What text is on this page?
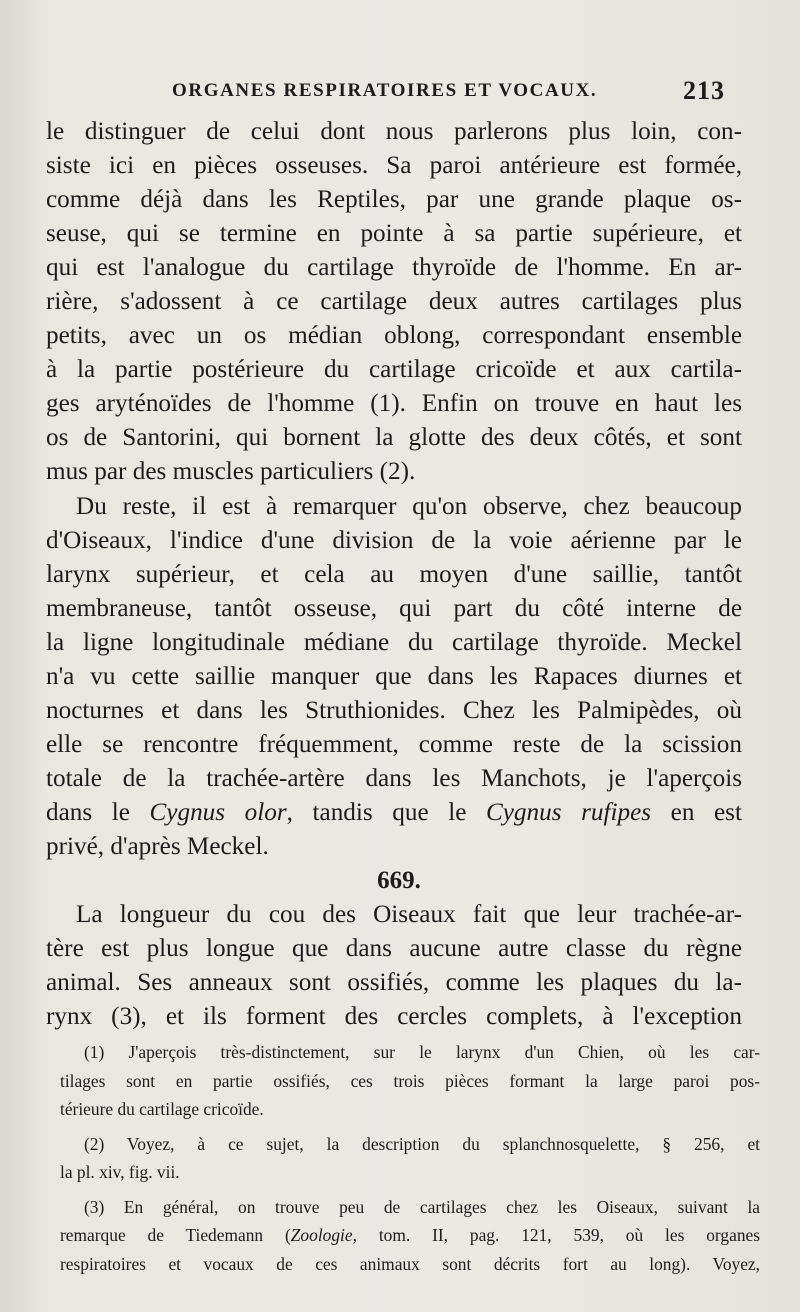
ORGANES RESPIRATOIRES ET VOCAUX.	213
le distinguer de celui dont nous parlerons plus loin, con-
siste ici en pièces osseuses. Sa paroi antérieure est formée,
comme déjà dans les Reptiles, par une grande plaque os-
seuse, qui se termine en pointe à sa partie supérieure, et
qui est l'analogue du cartilage thyroïde de l'homme. En ar-
rière, s'adossent à ce cartilage deux autres cartilages plus
petits, avec un os médian oblong, correspondant ensemble
à la partie postérieure du cartilage cricoïde et aux cartila-
ges aryténoïdes de l'homme (1). Enfin on trouve en haut les
os de Santorini, qui bornent la glotte des deux côtés, et sont
mus par des muscles particuliers (2).
Du reste, il est à remarquer qu'on observe, chez beaucoup
d'Oiseaux, l'indice d'une division de la voie aérienne par le
larynx supérieur, et cela au moyen d'une saillie, tantôt
membraneuse, tantôt osseuse, qui part du côté interne de
la ligne longitudinale médiane du cartilage thyroïde. Meckel
n'a vu cette saillie manquer que dans les Rapaces diurnes et
nocturnes et dans les Struthionides. Chez les Palmipèdes, où
elle se rencontre fréquemment, comme reste de la scission
totale de la trachée-artère dans les Manchots, je l'aperçois
dans le Cygnus olor, tandis que le Cygnus rufipes en est
privé, d'après Meckel.
669.
La longueur du cou des Oiseaux fait que leur trachée-ar-
tère est plus longue que dans aucune autre classe du règne
animal. Ses anneaux sont ossifiés, comme les plaques du la-
rynx (3), et ils forment des cercles complets, à l'exception
(1) J'aperçois très-distinctement, sur le larynx d'un Chien, où les car-
tilages sont en partie ossifiés, ces trois pièces formant la large paroi pos-
térieure du cartilage cricoïde.
(2) Voyez, à ce sujet, la description du splanchnosquelette, § 256, et
la pl. xiv, fig. vii.
(3) En général, on trouve peu de cartilages chez les Oiseaux, suivant la
remarque de Tiedemann (Zoologie, tom. II, pag. 121, 539, où les organes
respiratoires et vocaux de ces animaux sont décrits fort au long). Voyez,
